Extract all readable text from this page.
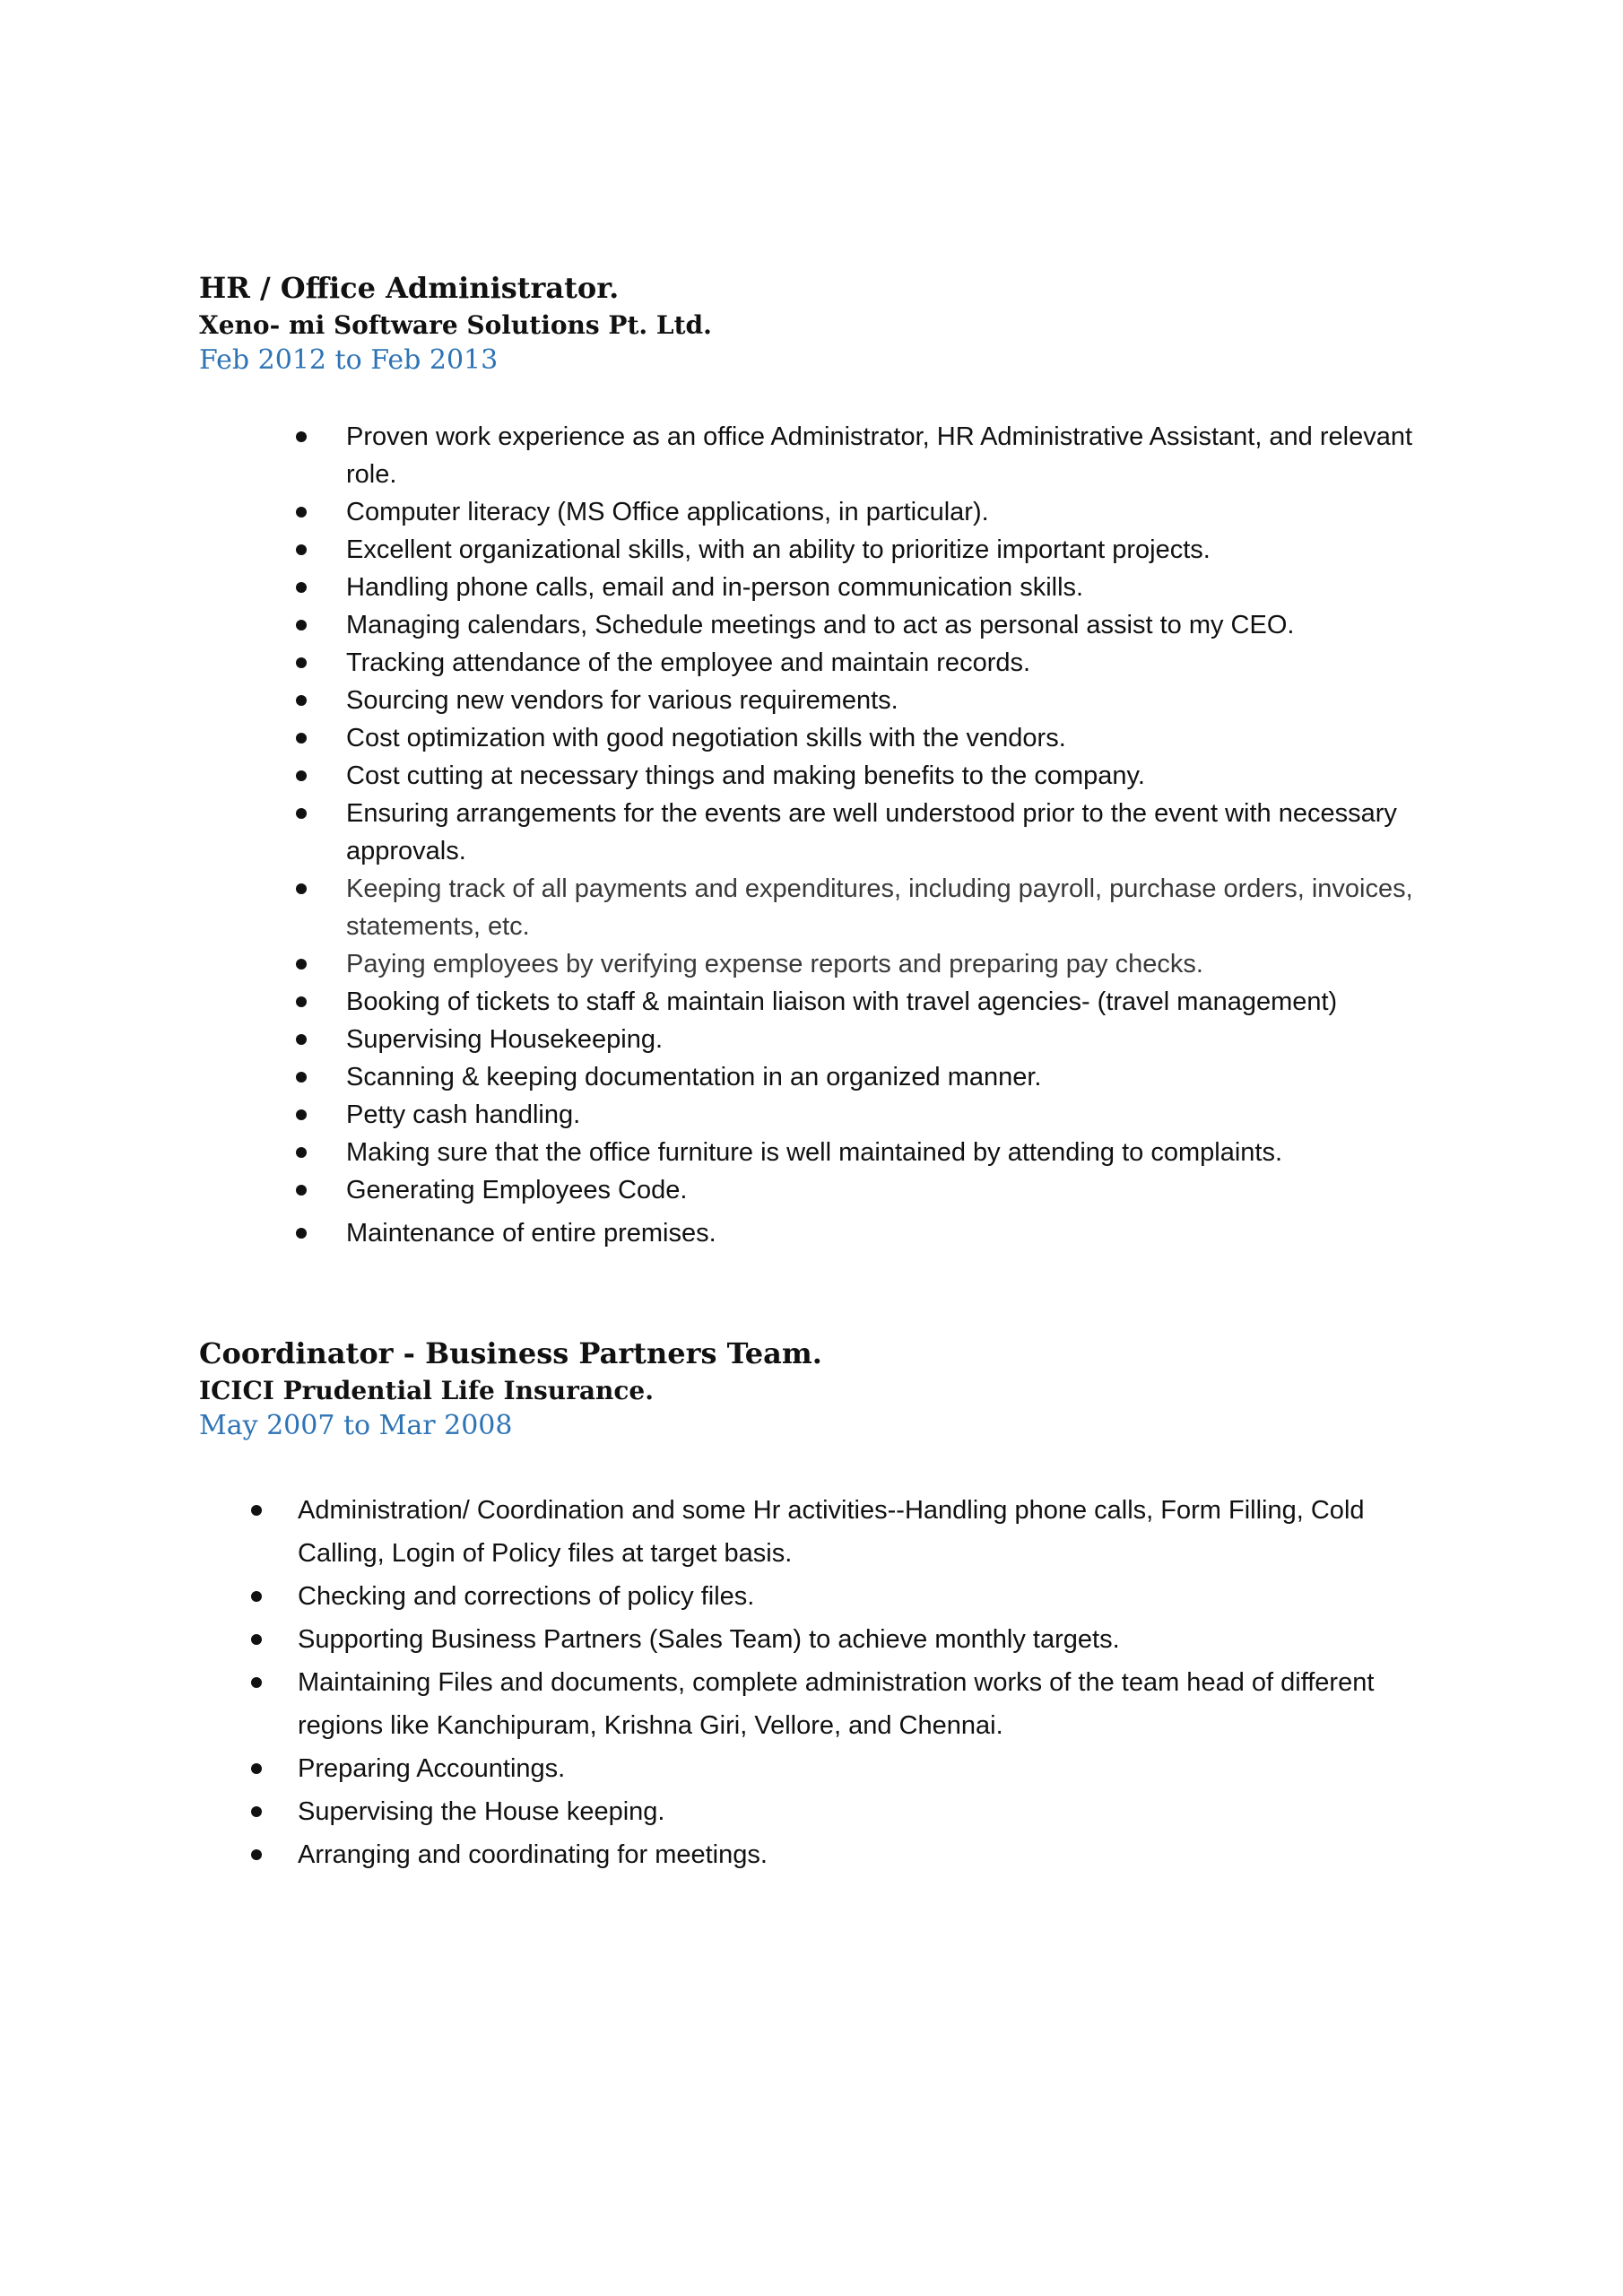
HR / Office Administrator.
Xeno- mi Software Solutions Pt. Ltd.

Feb 2012 to Feb 2013

Proven work experience as an office Administrator, HR Administrative Assistant, and relevant role.
Computer literacy (MS Office applications, in particular).
Excellent organizational skills, with an ability to prioritize important projects.
Handling phone calls, email and in-person communication skills.
Managing calendars, Schedule meetings and to act as personal assist to my CEO.
Tracking attendance of the employee and maintain records.
Sourcing new vendors for various requirements.
Cost optimization with good negotiation skills with the vendors.
Cost cutting at necessary things and making benefits to the company.
Ensuring arrangements for the events are well understood prior to the event with necessary approvals.
Keeping track of all payments and expenditures, including payroll, purchase orders, invoices, statements, etc.
Paying employees by verifying expense reports and preparing pay checks.
Booking of tickets to staff & maintain liaison with travel agencies- (travel management)
Supervising Housekeeping.
Scanning & keeping documentation in an organized manner.
Petty cash handling.
Making sure that the office furniture is well maintained by attending to complaints.
Generating Employees Code.
Maintenance of entire premises.
Coordinator - Business Partners Team.
ICICI Prudential Life Insurance.

May 2007 to Mar 2008

Administration/ Coordination and some Hr activities--Handling phone calls, Form Filling, Cold Calling, Login of Policy files at target basis.
Checking and corrections of policy files.
Supporting Business Partners (Sales Team) to achieve monthly targets.
Maintaining Files and documents, complete administration works of the team head of different regions like Kanchipuram, Krishna Giri, Vellore, and Chennai.
Preparing Accountings.
Supervising the House keeping.
Arranging and coordinating for meetings.
